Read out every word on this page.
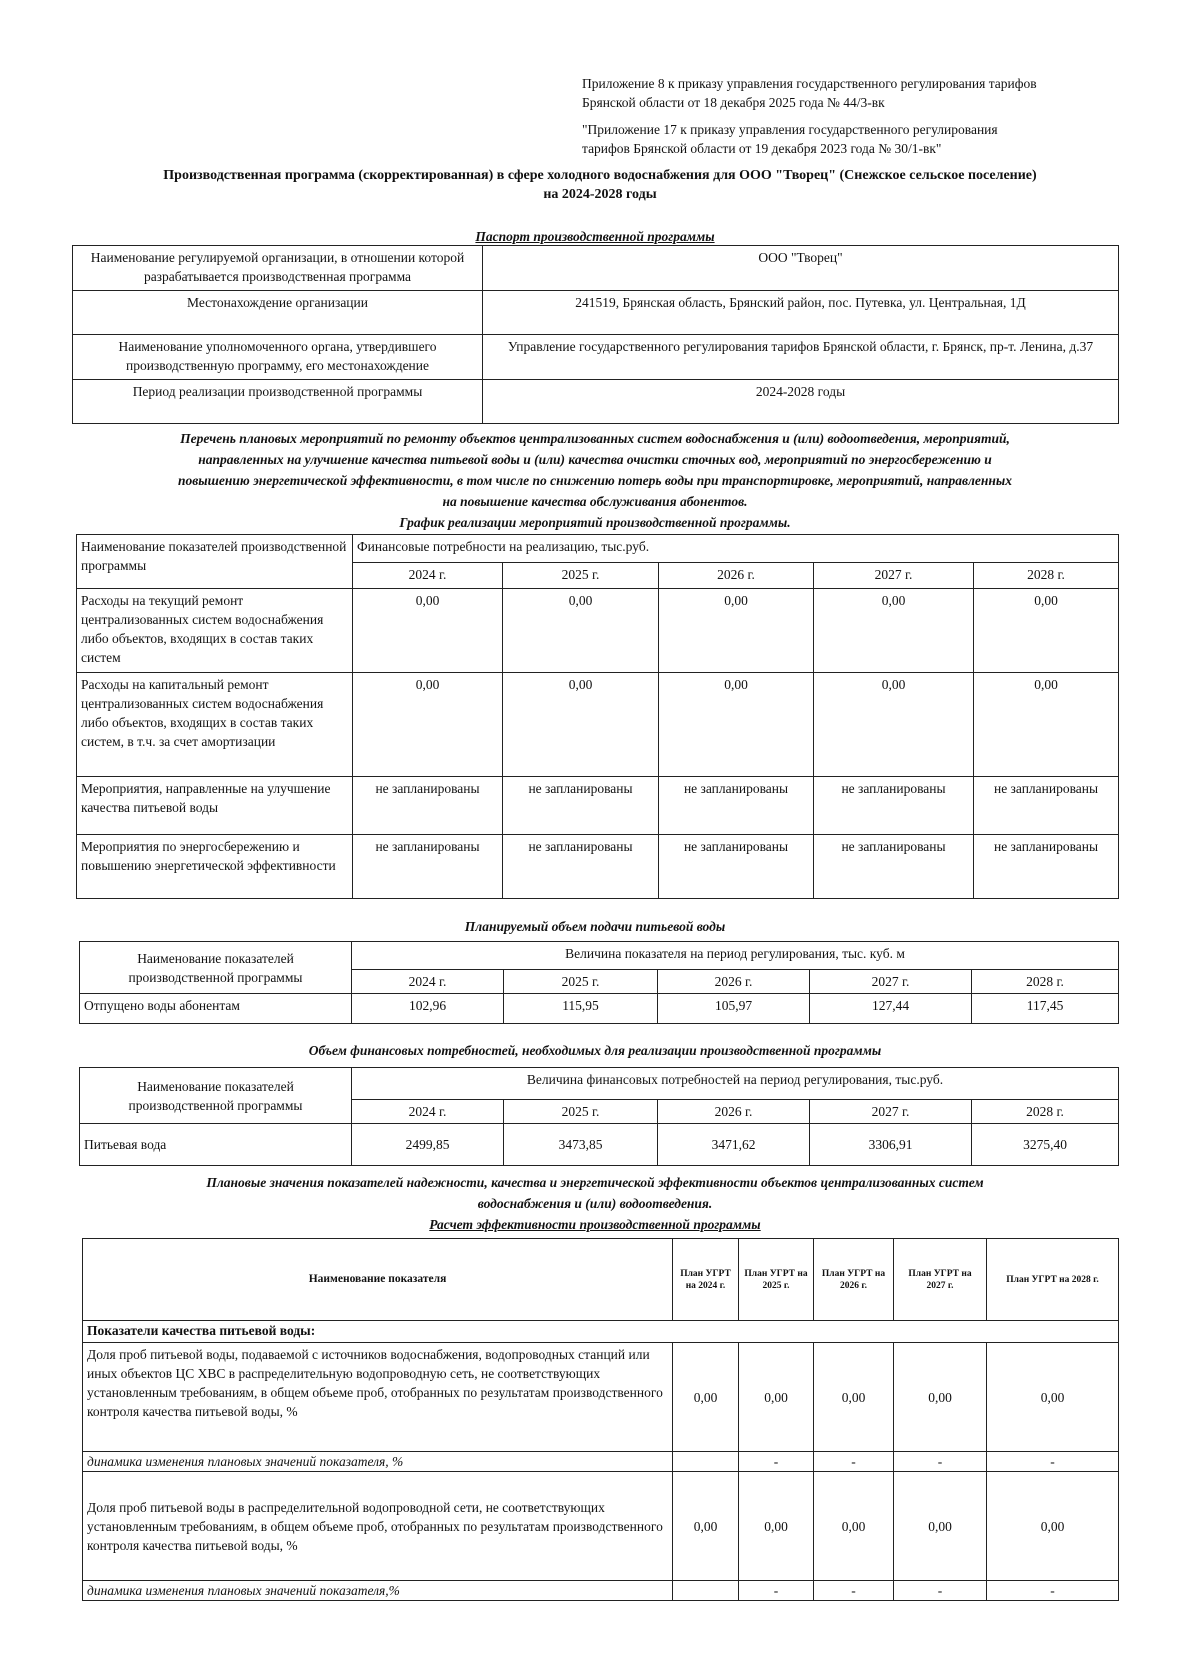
Приложение 8 к приказу управления государственного регулирования тарифов
Брянской области от 18 декабря 2025 года № 44/3-вк
"Приложение 17 к приказу управления государственного регулирования
тарифов Брянской области от 19 декабря 2023 года № 30/1-вк"
Производственная программа (скорректированная) в сфере холодного водоснабжения для ООО "Творец" (Снежское сельское поселение)
на 2024-2028 годы
Паспорт производственной программы
Наименование регулируемой организации, в отношении которой разрабатывается производственная программа	ООО "Творец"
Местонахождение организации	241519, Брянская область, Брянский район, пос. Путевка, ул. Центральная, 1Д
Наименование уполномоченного органа, утвердившего производственную программу, его местонахождение	Управление государственного регулирования тарифов Брянской области, г. Брянск, пр-т. Ленина, д.37
Период реализации производственной программы	2024-2028 годы
Перечень плановых мероприятий по ремонту объектов централизованных систем водоснабжения и (или) водоотведения, мероприятий,
направленных на улучшение качества питьевой воды и (или) качества очистки сточных вод, мероприятий по энергосбережению и
повышению энергетической эффективности, в том числе по снижению потерь воды при транспортировке, мероприятий, направленных
на повышение качества обслуживания абонентов.
График реализации мероприятий производственной программы.
Наименование показателей производственной программы	Финансовые потребности на реализацию, тыс.руб.				
	2024 г.	2025 г.	2026 г.	2027 г.	2028 г.
Расходы на текущий ремонт централизованных систем водоснабжения либо объектов, входящих в состав таких систем	0,00	0,00	0,00	0,00	0,00
Расходы на капитальный ремонт централизованных систем водоснабжения либо объектов, входящих в состав таких систем, в т.ч. за счет амортизации	0,00	0,00	0,00	0,00	0,00
Мероприятия, направленные на улучшение качества питьевой воды	не запланированы	не запланированы	не запланированы	не запланированы	не запланированы
Мероприятия по энергосбережению и повышению энергетической эффективности	не запланированы	не запланированы	не запланированы	не запланированы	не запланированы
Планируемый объем подачи питьевой воды
Наименование показателей производственной программы	Величина показателя на период регулирования, тыс. куб. м				
	2024 г.	2025 г.	2026 г.	2027 г.	2028 г.
Отпущено воды абонентам	102,96	115,95	105,97	127,44	117,45
Объем финансовых потребностей, необходимых для реализации производственной программы
Наименование показателей производственной программы	Величина финансовых потребностей на период регулирования, тыс.руб.				
	2024 г.	2025 г.	2026 г.	2027 г.	2028 г.
Питьевая вода	2499,85	3473,85	3471,62	3306,91	3275,40
Плановые значения показателей надежности, качества и энергетической эффективности объектов централизованных систем
водоснабжения и (или) водоотведения.
Расчет эффективности производственной программы
Наименование показателя	План УГРТ на 2024 г.	План УГРТ на 2025 г.	План УГРТ на 2026 г.	План УГРТ на 2027 г.	План УГРТ на 2028 г.
Показатели качества питьевой воды:					
Доля проб питьевой воды, подаваемой с источников водоснабжения, водопроводных станций или иных объектов ЦС ХВС в распределительную водопроводную сеть, не соответствующих установленным требованиям, в общем объеме проб, отобранных по результатам производственного контроля качества питьевой воды, %	0,00	0,00	0,00	0,00	0,00
динамика изменения плановых значений показателя, %		-	-	-	-
Доля проб питьевой воды в распределительной водопроводной сети, не соответствующих установленным требованиям, в общем объеме проб, отобранных по результатам производственного контроля качества питьевой воды, %	0,00	0,00	0,00	0,00	0,00
динамика изменения плановых значений показателя,%		-	-	-	-
